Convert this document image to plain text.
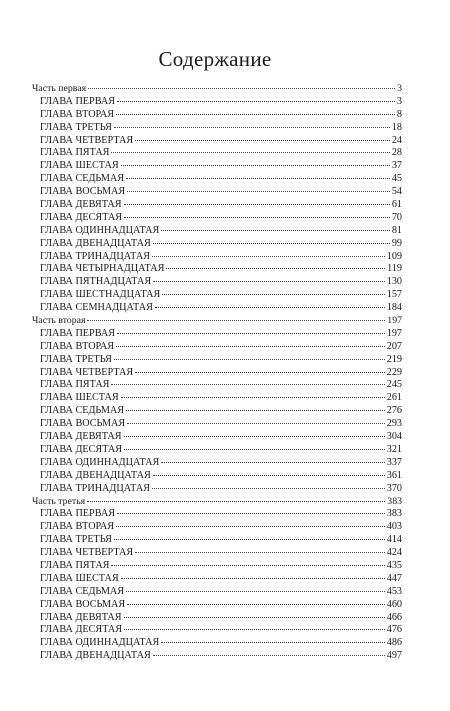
Содержание
Часть первая	3
ГЛАВА ПЕРВАЯ	3
ГЛАВА ВТОРАЯ	8
ГЛАВА ТРЕТЬЯ	18
ГЛАВА ЧЕТВЕРТАЯ	24
ГЛАВА ПЯТАЯ	28
ГЛАВА ШЕСТАЯ	37
ГЛАВА СЕДЬМАЯ	45
ГЛАВА ВОСЬМАЯ	54
ГЛАВА ДЕВЯТАЯ	61
ГЛАВА ДЕСЯТАЯ	70
ГЛАВА ОДИННАДЦАТАЯ	81
ГЛАВА ДВЕНАДЦАТАЯ	99
ГЛАВА ТРИНАДЦАТАЯ	109
ГЛАВА ЧЕТЫРНАДЦАТАЯ	119
ГЛАВА ПЯТНАДЦАТАЯ	130
ГЛАВА ШЕСТНАДЦАТАЯ	157
ГЛАВА СЕМНАДЦАТАЯ	184
Часть вторая	197
ГЛАВА ПЕРВАЯ	197
ГЛАВА ВТОРАЯ	207
ГЛАВА ТРЕТЬЯ	219
ГЛАВА ЧЕТВЕРТАЯ	229
ГЛАВА ПЯТАЯ	245
ГЛАВА ШЕСТАЯ	261
ГЛАВА СЕДЬМАЯ	276
ГЛАВА ВОСЬМАЯ	293
ГЛАВА ДЕВЯТАЯ	304
ГЛАВА ДЕСЯТАЯ	321
ГЛАВА ОДИННАДЦАТАЯ	337
ГЛАВА ДВЕНАДЦАТАЯ	361
ГЛАВА ТРИНАДЦАТАЯ	370
Часть третья	383
ГЛАВА ПЕРВАЯ	383
ГЛАВА ВТОРАЯ	403
ГЛАВА ТРЕТЬЯ	414
ГЛАВА ЧЕТВЕРТАЯ	424
ГЛАВА ПЯТАЯ	435
ГЛАВА ШЕСТАЯ	447
ГЛАВА СЕДЬМАЯ	453
ГЛАВА ВОСЬМАЯ	460
ГЛАВА ДЕВЯТАЯ	466
ГЛАВА ДЕСЯТАЯ	476
ГЛАВА ОДИННАДЦАТАЯ	486
ГЛАВА ДВЕНАДЦАТАЯ	497
